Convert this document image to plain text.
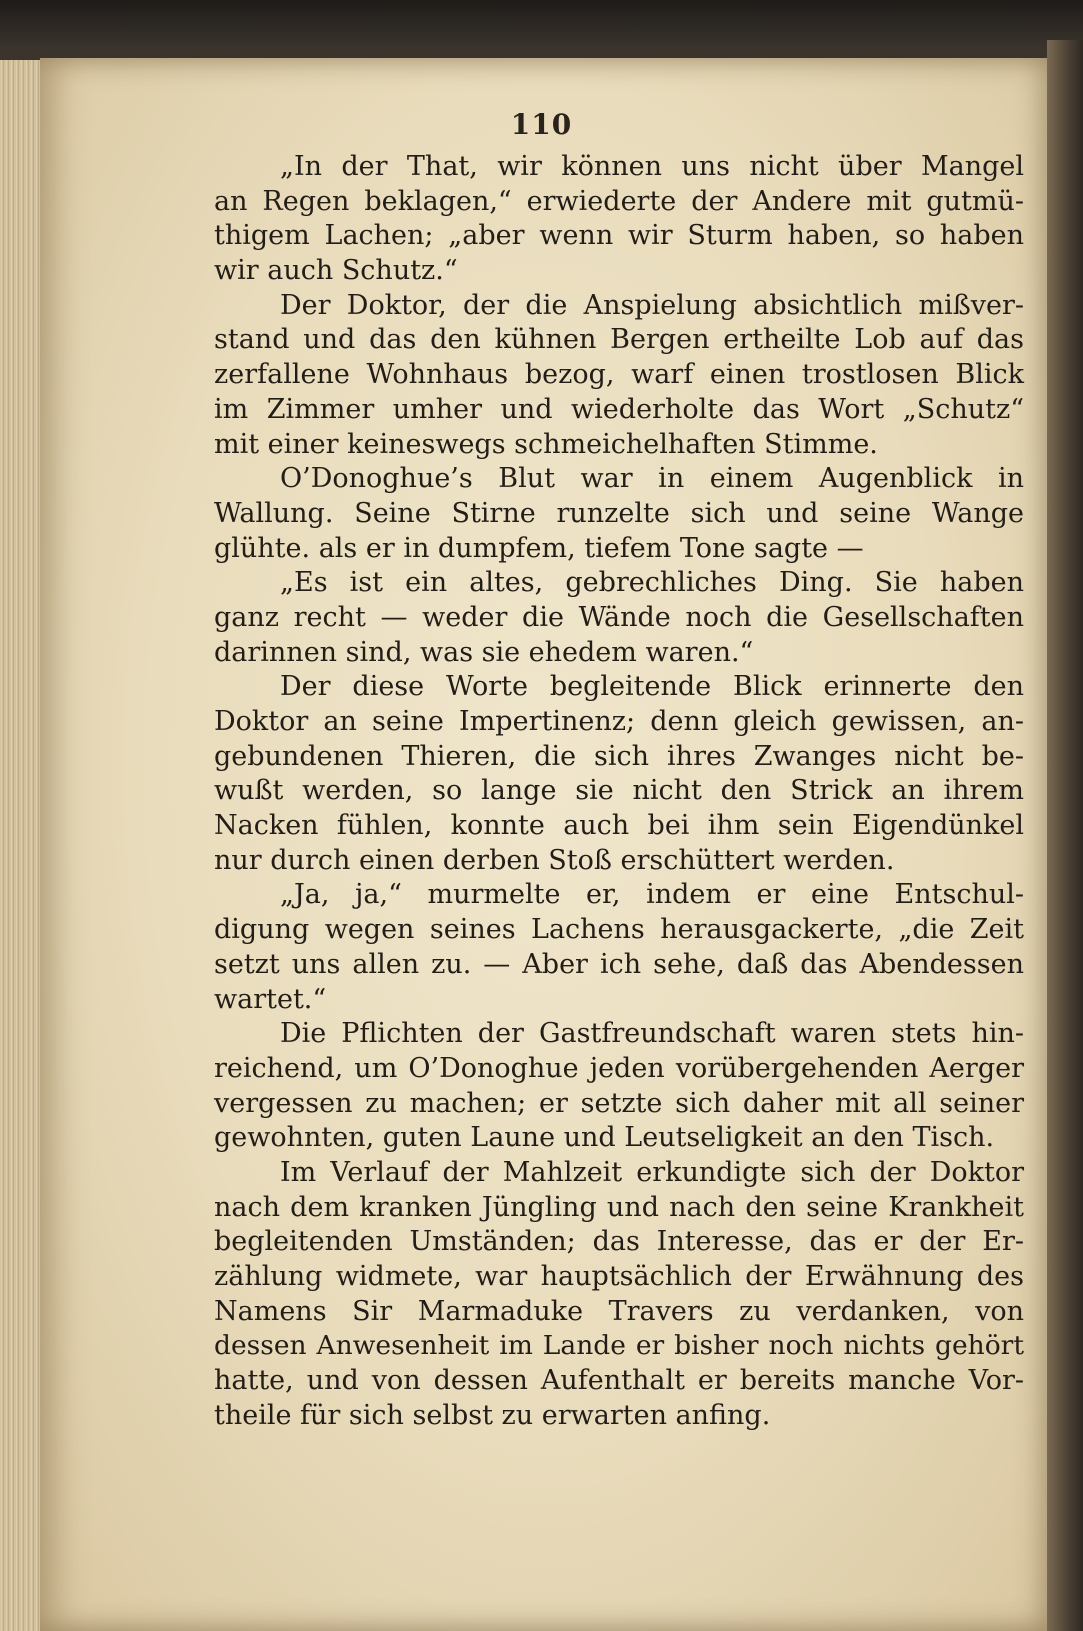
110
„In der That, wir können uns nicht über Mangel
an Regen beklagen,“ erwiederte der Andere mit gutmü-
thigem Lachen; „aber wenn wir Sturm haben, so haben
wir auch Schutz.“
Der Doktor, der die Anspielung absichtlich mißver-
stand und das den kühnen Bergen ertheilte Lob auf das
zerfallene Wohnhaus bezog, warf einen trostlosen Blick
im Zimmer umher und wiederholte das Wort „Schutz“
mit einer keineswegs schmeichelhaften Stimme.
O’Donoghue’s Blut war in einem Augenblick in
Wallung. Seine Stirne runzelte sich und seine Wange
glühte. als er in dumpfem, tiefem Tone sagte —
„Es ist ein altes, gebrechliches Ding. Sie haben
ganz recht — weder die Wände noch die Gesellschaften
darinnen sind, was sie ehedem waren.“
Der diese Worte begleitende Blick erinnerte den
Doktor an seine Impertinenz; denn gleich gewissen, an-
gebundenen Thieren, die sich ihres Zwanges nicht be-
wußt werden, so lange sie nicht den Strick an ihrem
Nacken fühlen, konnte auch bei ihm sein Eigendünkel
nur durch einen derben Stoß erschüttert werden.
„Ja, ja,“ murmelte er, indem er eine Entschul-
digung wegen seines Lachens herausgackerte, „die Zeit
setzt uns allen zu. — Aber ich sehe, daß das Abendessen
wartet.“
Die Pflichten der Gastfreundschaft waren stets hin-
reichend, um O’Donoghue jeden vorübergehenden Aerger
vergessen zu machen; er setzte sich daher mit all seiner
gewohnten, guten Laune und Leutseligkeit an den Tisch.
Im Verlauf der Mahlzeit erkundigte sich der Doktor
nach dem kranken Jüngling und nach den seine Krankheit
begleitenden Umständen; das Interesse, das er der Er-
zählung widmete, war hauptsächlich der Erwähnung des
Namens Sir Marmaduke Travers zu verdanken, von
dessen Anwesenheit im Lande er bisher noch nichts gehört
hatte, und von dessen Aufenthalt er bereits manche Vor-
theile für sich selbst zu erwarten anfing.
